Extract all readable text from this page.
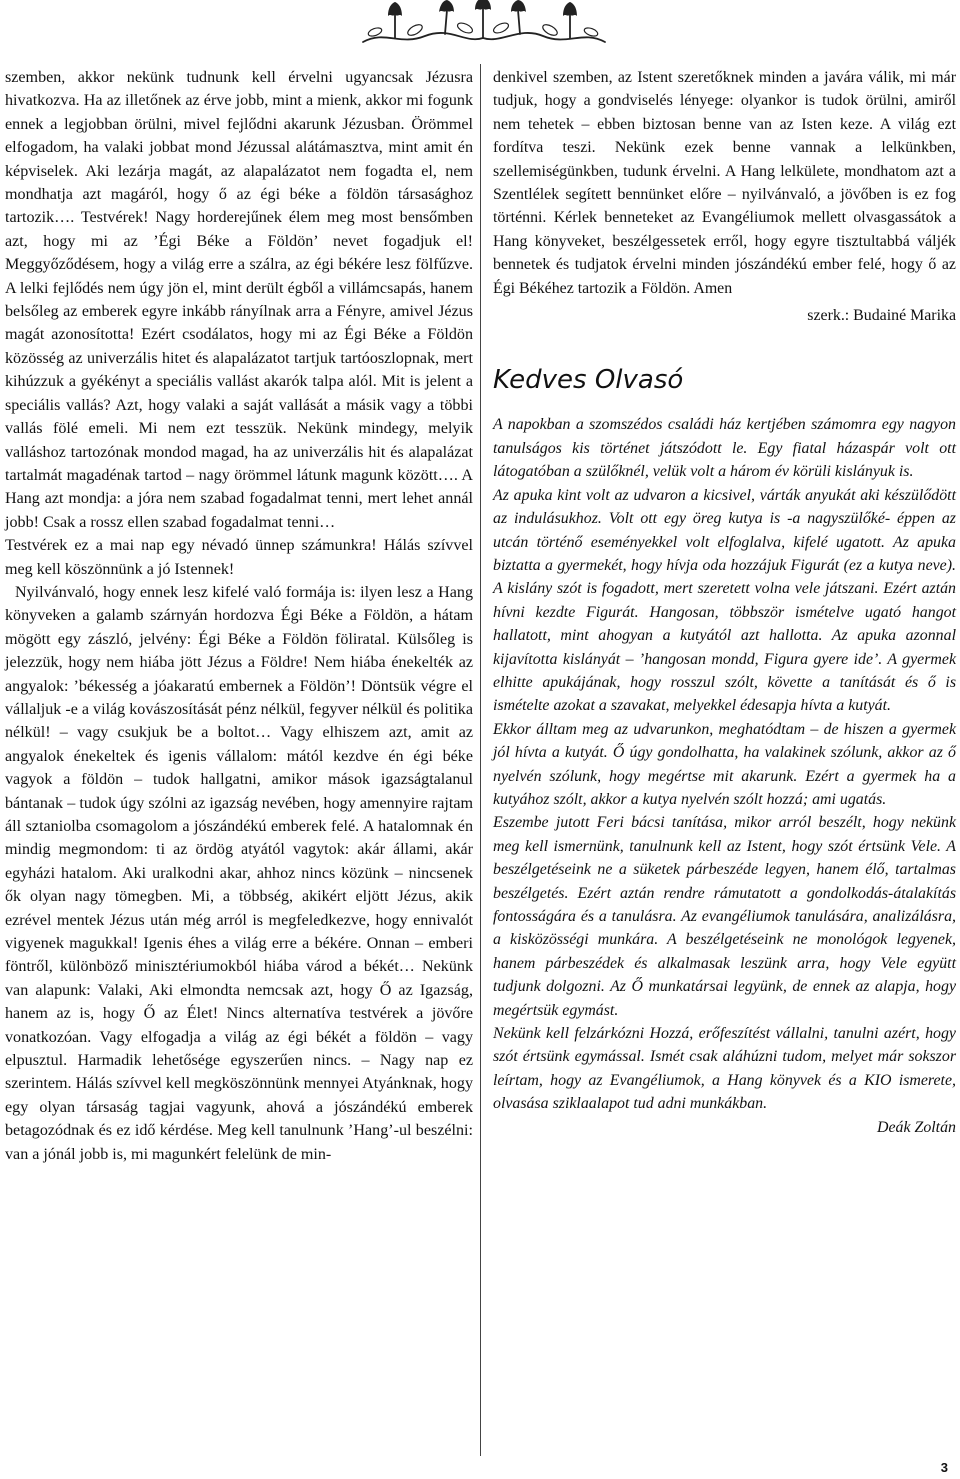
szemben, akkor nekünk tudnunk kell érvelni ugyancsak Jézusra hivatkozva. Ha az illetőnek az érve jobb, mint a mienk, akkor mi fogunk ennek a legjobban örülni, mivel fejlődni akarunk Jézusban. Örömmel elfogadom, ha valaki jobbat mond Jézussal alátámasztva, mint amit én képviselek. Aki lezárja magát, az alapalázatot nem fogadta el, nem mondhatja azt magáról, hogy ő az égi béke a földön társasághoz tartozik…. Testvérek! Nagy horderejűnek élem meg most bensőmben azt, hogy mi az ’Égi Béke a Földön’ nevet fogadjuk el! Meggyőződésem, hogy a világ erre a szálra, az égi békére lesz fölfűzve. A lelki fejlődés nem úgy jön el, mint derült égből a villámcsapás, hanem belsőleg az emberek egyre inkább rányílnak arra a Fényre, amivel Jézus magát azonosította! Ezért csodálatos, hogy mi az Égi Béke a Földön közösség az univerzális hitet és alapalázatot tartjuk tartóoszlopnak, mert kihúzzuk a gyékényt a speciális vallást akarók talpa alól. Mit is jelent a speciális vallás? Azt, hogy valaki a saját vallását a másik vagy a többi vallás fölé emeli. Mi nem ezt tesszük. Nekünk mindegy, melyik valláshoz tartozónak mondod magad, ha az univerzális hit és alapalázat tartalmát magadénak tartod – nagy örömmel látunk magunk között…. A Hang azt mondja: a jóra nem szabad fogadalmat tenni, mert lehet annál jobb! Csak a rossz ellen szabad fogadalmat tenni…

Testvérek ez a mai nap egy névadó ünnep számunkra! Hálás szívvel meg kell köszönnünk a jó Istennek!

Nyilvánvaló, hogy ennek lesz kifelé való formája is: ilyen lesz a Hang könyveken a galamb szárnyán hordozva Égi Béke a Földön, a hátam mögött egy zászló, jelvény: Égi Béke a Földön föliratal. Külsőleg is jelezzük, hogy nem hiába jött Jézus a Földre! Nem hiába énekelték az angyalok: ’békesség a jóakaratú embernek a Földön’! Döntsük végre el vállaljuk -e a világ kovászosítását pénz nélkül, fegyver nélkül és politika nélkül! – vagy csukjuk be a boltot… Vagy elhiszem azt, amit az angyalok énekeltek és igenis vállalom: mától kezdve én égi béke vagyok a földön – tudok hallgatni, amikor mások igazságtalanul bántanak – tudok úgy szólni az igazság nevében, hogy amennyire rajtam áll sztaniolba csomagolom a jószándékú emberek felé. A hatalomnak én mindig megmondom: ti az ördög atyától vagytok: akár állami, akár egyházi hatalom. Aki uralkodni akar, ahhoz nincs közünk – nincsenek ők olyan nagy tömegben. Mi, a többség, akikért eljött Jézus, akik ezrével mentek Jézus után még arról is megfeledkezve, hogy ennivalót vigyenek magukkal! Igenis éhes a világ erre a békére. Onnan – emberi föntről, különböző minisztériumokból hiába várod a békét… Nekünk van alapunk: Valaki, Aki elmondta nemcsak azt, hogy Ő az Igazság, hanem az is, hogy Ő az Élet! Nincs alternatíva testvérek a jövőre vonatkozóan. Vagy elfogadja a világ az égi békét a földön – vagy elpusztul. Harmadik lehetősége egyszerűen nincs. – Nagy nap ez szerintem. Hálás szívvel kell megköszönnünk mennyei Atyánknak, hogy egy olyan társaság tagjai vagyunk, ahová a jószándékú emberek betagozódnak és ez idő kérdése. Meg kell tanulnunk ’Hang’-ul beszélni: van a jónál jobb is, mi magunkért felelünk de min-

denkivel szemben, az Istent szeretőknek minden a javára válik, mi már tudjuk, hogy a gondviselés lényege: olyankor is tudok örülni, amiről nem tehetek – ebben biztosan benne van az Isten keze. A világ ezt fordítva teszi. Nekünk ezek benne vannak a lelkünkben, szellemiségünkben, tudunk érvelni. A Hang lelkülete, mondhatom azt a Szentlélek segített bennünket előre – nyilvánvaló, a jövőben is ez fog történni. Kérlek benneteket az Evangéliumok mellett olvasgassátok a Hang könyveket, beszélgessetek erről, hogy egyre tisztultabbá váljék bennetek és tudjatok érvelni minden jószándékú ember felé, hogy ő az Égi Békéhez tartozik a Földön. Amen

szerk.: Budainé Marika

Kedves Olvasó

A napokban a szomszédos családi ház kertjében számomra egy nagyon tanulságos kis történet játszódott le. Egy fiatal házaspár volt ott látogatóban a szülőknél, velük volt a három év körüli kislányuk is.

Az apuka kint volt az udvaron a kicsivel, várták anyukát aki készülődött az indulásukhoz. Volt ott egy öreg kutya is -a nagyszülőké- éppen az utcán történő eseményekkel volt elfoglalva, kifelé ugatott. Az apuka biztatta a gyermekét, hogy hívja oda hozzájuk Figurát (ez a kutya neve). A kislány szót is fogadott, mert szeretett volna vele játszani. Ezért aztán hívni kezdte Figurát. Hangosan, többször ismételve ugató hangot hallatott, mint ahogyan a kutyától azt hallotta. Az apuka azonnal kijavította kislányát – ’hangosan mondd, Figura gyere ide’. A gyermek elhitte apukájának, hogy rosszul szólt, követte a tanítását és ő is ismételte azokat a szavakat, melyekkel édesapja hívta a kutyát.

Ekkor álltam meg az udvarunkon, meghatódtam – de hiszen a gyermek jól hívta a kutyát. Ő úgy gondolhatta, ha valakinek szólunk, akkor az ő nyelvén szólunk, hogy megértse mit akarunk. Ezért a gyermek ha a kutyához szólt, akkor a kutya nyelvén szólt hozzá; ami ugatás.

Eszembe jutott Feri bácsi tanítása, mikor arról beszélt, hogy nekünk meg kell ismernünk, tanulnunk kell az Istent, hogy szót értsünk Vele. A beszélgetéseink ne a süketek párbeszéde legyen, hanem élő, tartalmas beszélgetés. Ezért aztán rendre rámutatott a gondolkodás-átalakítás fontosságára és a tanulásra. Az evangéliumok tanulására, analizálásra, a kisközösségi munkára. A beszélgetéseink ne monológok legyenek, hanem párbeszédek és alkalmasak leszünk arra, hogy Vele együtt tudjunk dolgozni. Az Ő munkatársai legyünk, de ennek az alapja, hogy megértsük egymást.

Nekünk kell felzárkózni Hozzá, erőfeszítést vállalni, tanulni azért, hogy szót értsünk egymással. Ismét csak aláhúzni tudom, melyet már sokszor leírtam, hogy az Evangéliumok, a Hang könyvek és a KIO ismerete, olvasása sziklaalapot tud adni munkákban.

Deák Zoltán

3
